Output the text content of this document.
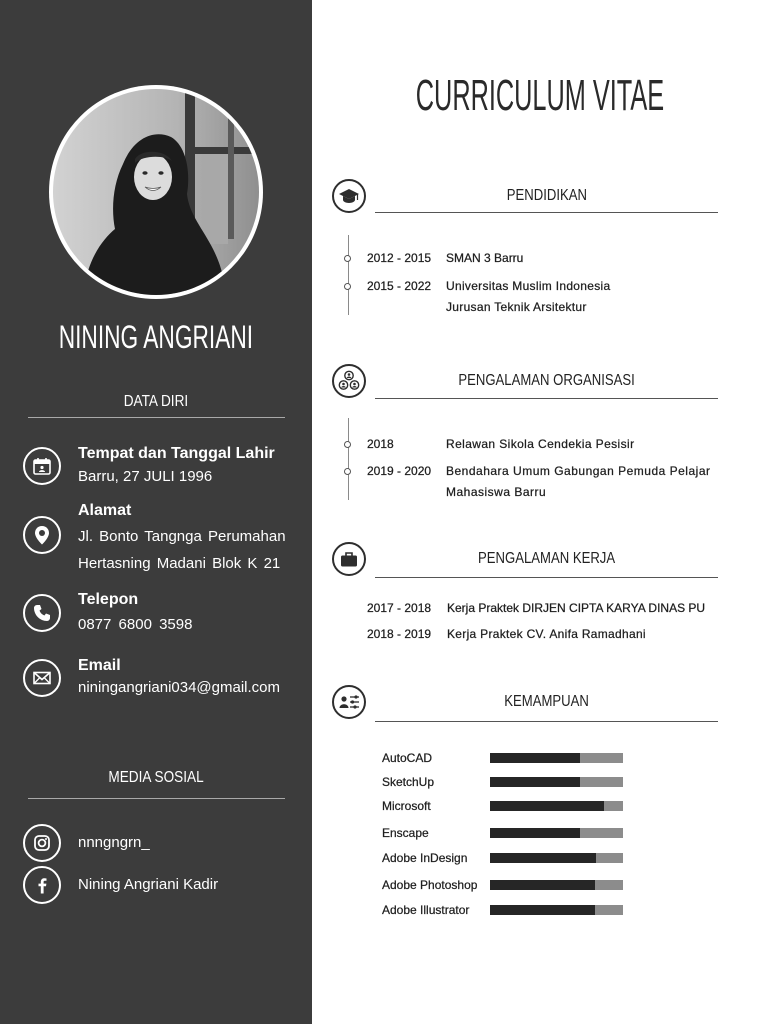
NINING ANGRIANI
DATA DIRI
Tempat dan Tanggal Lahir
Barru, 27 JULI 1996
Alamat
Jl. Bonto Tangnga Perumahan
Hertasning Madani Blok K 21
Telepon
0877 6800 3598
Email
niningangriani034@gmail.com
MEDIA SOSIAL
nnngngrn_
Nining Angriani Kadir
CURRICULUM VITAE
PENDIDIKAN
2012 - 2015 SMAN 3 Barru
2015 - 2022 Universitas Muslim Indonesia
Jurusan Teknik Arsitektur
PENGALAMAN ORGANISASI
2018	Relawan Sikola Cendekia Pesisir
2019 - 2020 Bendahara Umum Gabungan Pemuda Pelajar
Mahasiswa Barru
PENGALAMAN KERJA
2017 - 2018 Kerja Praktek DIRJEN CIPTA KARYA DINAS PU
2018 - 2019 Kerja Praktek CV. Anifa Ramadhani
KEMAMPUAN
AutoCAD
SketchUp
Microsoft
Enscape
Adobe InDesign
Adobe Photoshop
Adobe Illustrator
